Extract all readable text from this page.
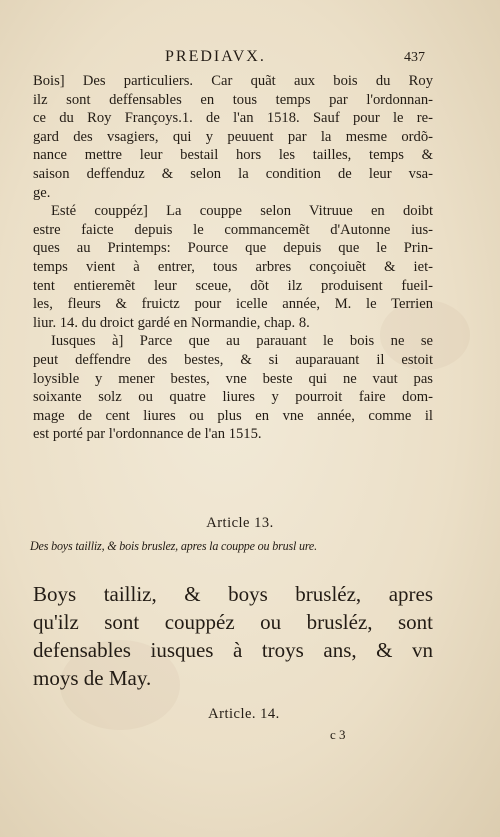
PREDIAVX.	437

Bois] Des particuliers. Car quãt aux bois du Roy
ilz sont deffensables en tous temps par l'ordonnan-
ce du Roy Françoys.1. de l'an 1518. Sauf pour le re-
gard des vsagiers, qui y peuuent par la mesme ordõ-
nance mettre leur bestail hors les tailles, temps &
saison deffenduz & selon la condition de leur vsa-
ge.

Esté couppéz] La couppe selon Vitruue en doibt
estre faicte depuis le commancemẽt d'Autonne ius-
ques au Printemps: Pource que depuis que le Prin-
temps vient à entrer, tous arbres conçoiuẽt & iet-
tent entieremẽt leur sceue, dõt ilz produisent fueil-
les, fleurs & fruictz pour icelle année, M. le Terrien
liur. 14. du droict gardé en Normandie, chap. 8.

Iusques à] Parce que au parauant le bois ne se
peut deffendre des bestes, & si auparauant il estoit
loysible y mener bestes, vne beste qui ne vaut pas
soixante solz ou quatre liures y pourroit faire dom-
mage de cent liures ou plus en vne année, comme il
est porté par l'ordonnance de l'an 1515.

Article 13.
Des boys tailliz, & bois bruslez, apres la couppe ou brusl ure.
Boys tailliz, & boys brusléz, apres
qu'ilz sont couppéz ou brusléz, sont
defensables iusques à troys ans, & vn
moys de May.
Article. 14.
c 3
